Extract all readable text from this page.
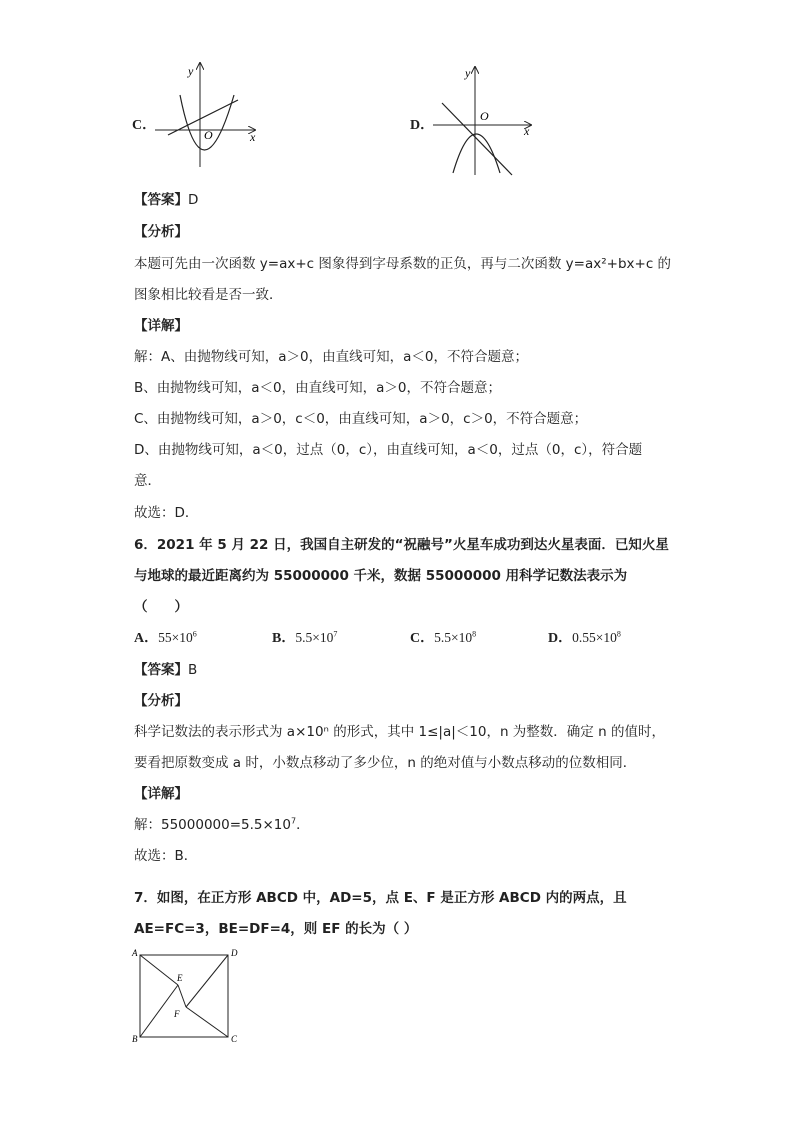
C．
y
x
O
D．
y
x
O
【答案】D
【分析】
本题可先由一次函数 y=ax+c 图象得到字母系数的正负，再与二次函数 y=ax²+bx+c 的
图象相比较看是否一致．
【详解】
解：A、由抛物线可知，a＞0，由直线可知，a＜0，不符合题意；
B、由抛物线可知，a＜0，由直线可知，a＞0，不符合题意；
C、由抛物线可知，a＞0，c＜0，由直线可知，a＞0，c＞0，不符合题意；
D、由抛物线可知，a＜0，过点（0，c），由直线可知，a＜0，过点（0，c），符合题
意．
故选：D．
6．2021 年 5 月 22 日，我国自主研发的“祝融号”火星车成功到达火星表面．已知火星
与地球的最近距离约为 55000000 千米，数据 55000000 用科学记数法表示为
（　　）
A．$55\times 10^6$	B．$5.5\times 10^7$	C．$5.5\times 10^8$	D．$0.55\times 10^8$
【答案】B
【分析】
科学记数法的表示形式为 a×10ⁿ 的形式，其中 1≤|a|＜10，n 为整数．确定 n 的值时，
要看把原数变成 a 时，小数点移动了多少位，n 的绝对值与小数点移动的位数相同．
【详解】
解：$55000000=5.5\times 10^7$．
故选：B．
7．如图，在正方形 ABCD 中，AD=5，点 E、F 是正方形 ABCD 内的两点，且
AE=FC=3，BE=DF=4，则 EF 的长为（ ）
A	D
B	C
E
F
